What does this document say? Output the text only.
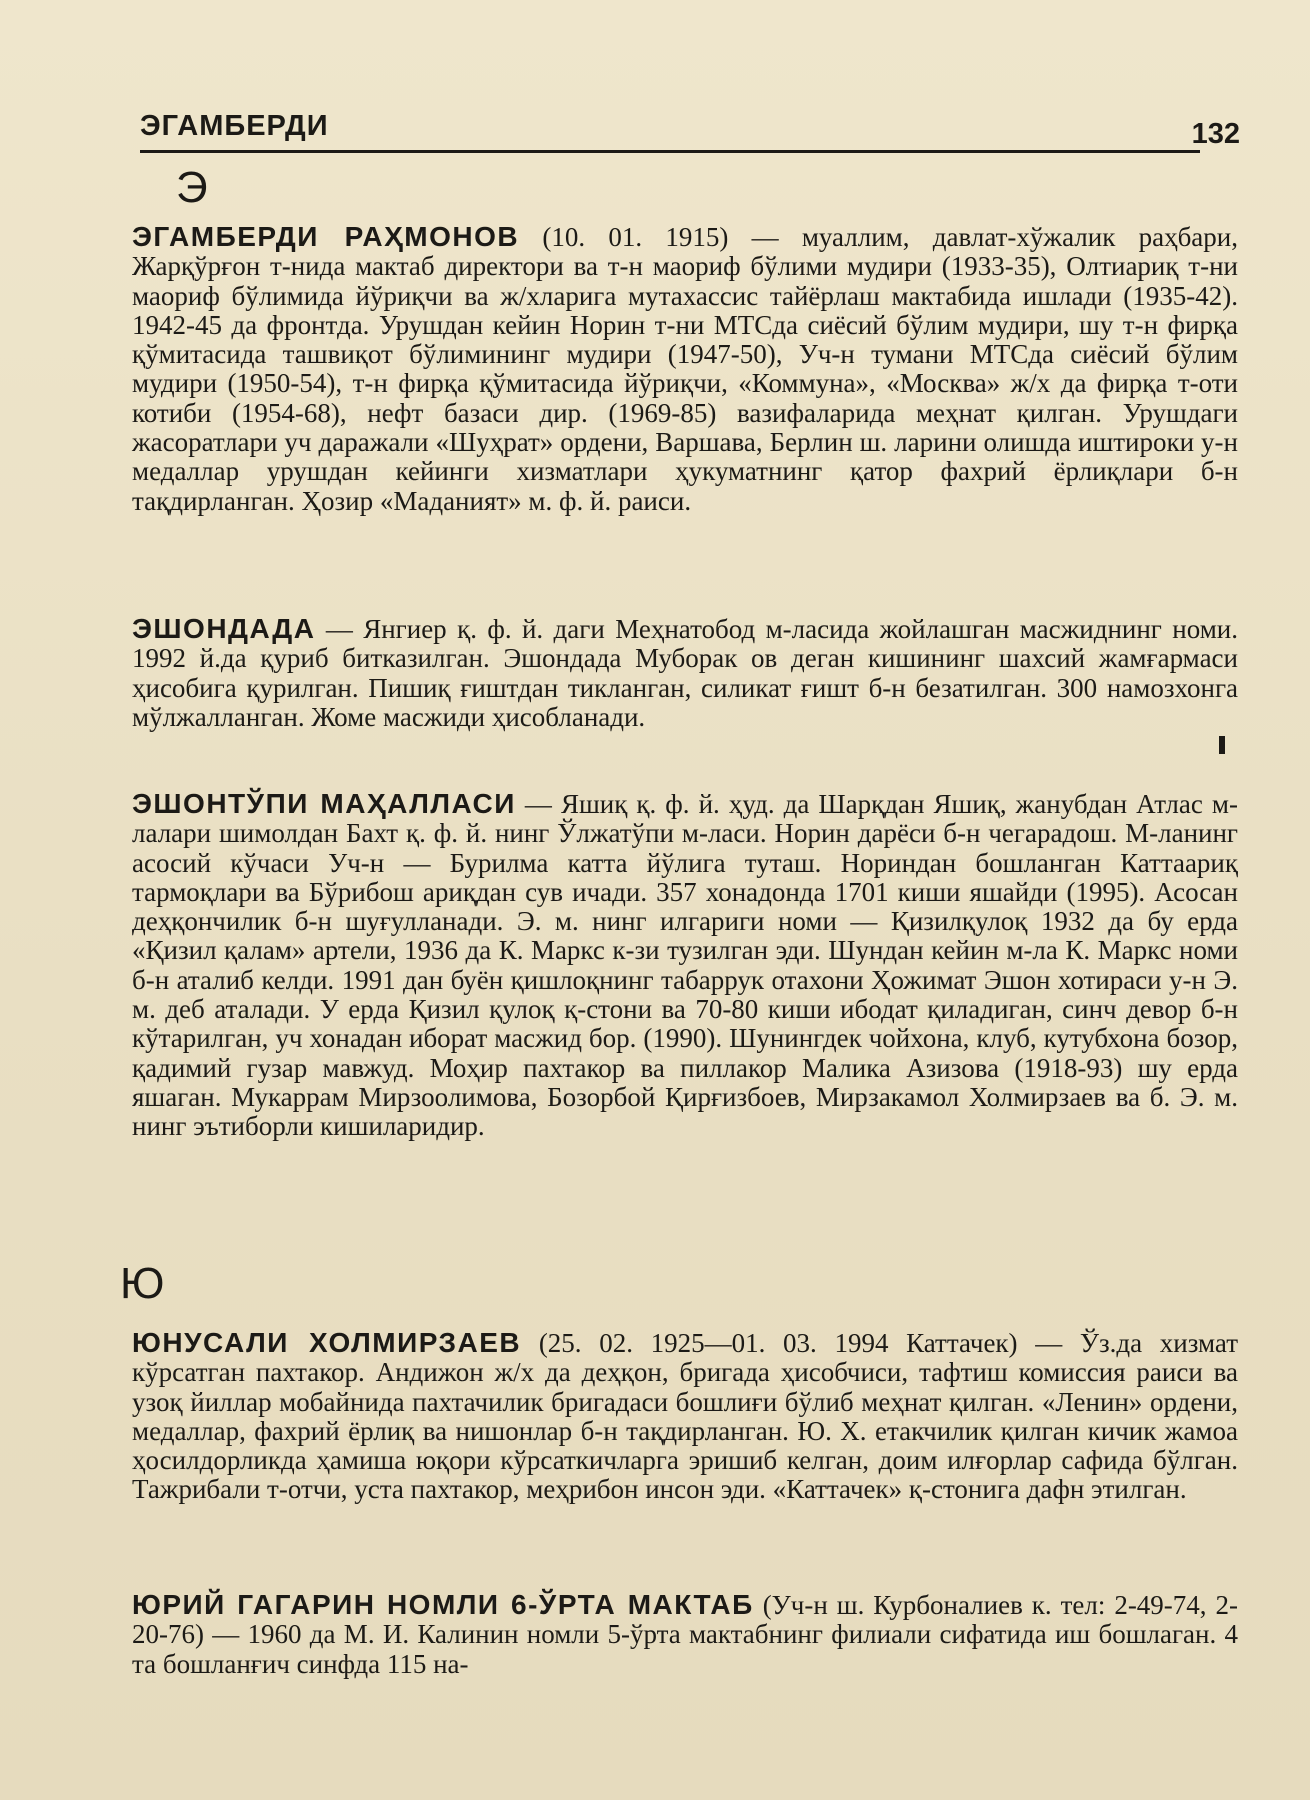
ЭГАМБЕРДИ	132
Э
ЭГАМБЕРДИ РАҲМОНОВ (10. 01. 1915) — муаллим, давлат-хўжалик раҳбари, Жарқўрғон т-нида мактаб директори ва т-н маориф бўлими мудири (1933-35), Олтиариқ т-ни маориф бўлимида йўриқчи ва ж/хларига мутахассис тайёрлаш мактабида ишлади (1935-42). 1942-45 да фронтда. Урушдан кейин Норин т-ни МТСда сиёсий бўлим мудири, шу т-н фирқа қўмитасида ташвиқот бўлимининг мудири (1947-50), Уч-н тумани МТСда сиёсий бўлим мудири (1950-54), т-н фирқа қўмитасида йўриқчи, «Коммуна», «Москва» ж/х да фирқа т-оти котиби (1954-68), нефт базаси дир. (1969-85) вазифаларида меҳнат қилган. Урушдаги жасоратлари уч даражали «Шуҳрат» ордени, Варшава, Берлин ш. ларини олишда иштироки у-н медаллар урушдан кейинги хизматлари ҳукуматнинг қатор фахрий ёрлиқлари б-н тақдирланган. Ҳозир «Маданият» м. ф. й. раиси.
ЭШОНДАДА — Янгиер қ. ф. й. даги Меҳнатобод м-ласида жойлашган масжиднинг номи. 1992 й.да қуриб битказилган. Эшондада Муборак ов деган кишининг шахсий жамғармаси ҳисобига қурилган. Пишиқ ғиштдан тикланган, силикат ғишт б-н безатилган. 300 намозхонга мўлжалланган. Жоме масжиди ҳисобланади.
ЭШОНТЎПИ МАҲАЛЛАСИ — Яшиқ қ. ф. й. ҳуд. да Шарқдан Яшиқ, жанубдан Атлас м-лалари шимолдан Бахт қ. ф. й. нинг Ўлжатўпи м-ласи. Норин дарёси б-н чегарадош. М-ланинг асосий кўчаси Уч-н — Бурилма катта йўлига туташ. Нориндан бошланган Каттаариқ тармоқлари ва Бўрибош ариқдан сув ичади. 357 хонадонда 1701 киши яшайди (1995). Асосан деҳқончилик б-н шуғулланади. Э. м. нинг илгариги номи — Қизилқулоқ 1932 да бу ерда «Қизил қалам» артели, 1936 да К. Маркс к-зи тузилган эди. Шундан кейин м-ла К. Маркс номи б-н аталиб келди. 1991 дан буён қишлоқнинг табаррук отахони Ҳожимат Эшон хотираси у-н Э. м. деб аталади. У ерда Қизил қулоқ қ-стони ва 70-80 киши ибодат қиладиган, синч девор б-н кўтарилган, уч хонадан иборат масжид бор. (1990). Шунингдек чойхона, клуб, кутубхона бозор, қадимий гузар мавжуд. Моҳир пахтакор ва пиллакор Малика Азизова (1918-93) шу ерда яшаган. Мукаррам Мирзоолимова, Бозорбой Қирғизбоев, Мирзакамол Холмирзаев ва б. Э. м. нинг эътиборли кишиларидир.
Ю
ЮНУСАЛИ ХОЛМИРЗАЕВ (25. 02. 1925—01. 03. 1994 Каттачек) — Ўз.да хизмат кўрсатган пахтакор. Андижон ж/х да деҳқон, бригада ҳисобчиси, тафтиш комиссия раиси ва узоқ йиллар мобайнида пахтачилик бригадаси бошлиғи бўлиб меҳнат қилган. «Ленин» ордени, медаллар, фахрий ёрлиқ ва нишонлар б-н тақдирланган. Ю. Х. етакчилик қилган кичик жамоа ҳосилдорликда ҳамиша юқори кўрсаткичларга эришиб келган, доим илғорлар сафида бўлган. Тажрибали т-отчи, уста пахтакор, меҳрибон инсон эди. «Каттачек» қ-стонига дафн этилган.
ЮРИЙ ГАГАРИН НОМЛИ 6-ЎРТА МАКТАБ (Уч-н ш. Курбоналиев к. тел: 2-49-74, 2-20-76) — 1960 да М. И. Калинин номли 5-ўрта мактабнинг филиали сифатида иш бошлаган. 4 та бошланғич синфда 115 на-
